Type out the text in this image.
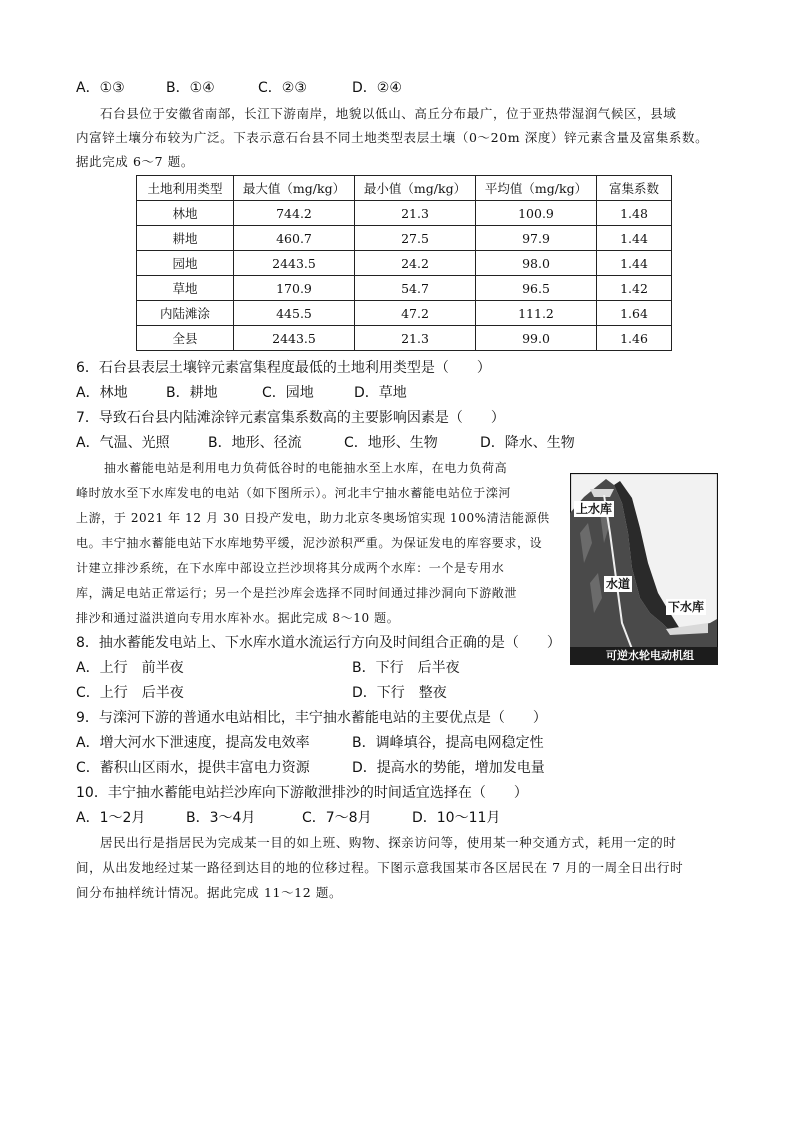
A．①③	B．①④	C．②③	D．②④
石台县位于安徽省南部，长江下游南岸，地貌以低山、高丘分布最广，位于亚热带湿润气候区，县域
内富锌土壤分布较为广泛。下表示意石台县不同土地类型表层土壤（0～20m 深度）锌元素含量及富集系数。
据此完成 6～7 题。
土地利用类型	最大值（mg/kg）	最小值（mg/kg）	平均值（mg/kg）	富集系数
林地	744.2	21.3	100.9	1.48
耕地	460.7	27.5	97.9	1.44
园地	2443.5	24.2	98.0	1.44
草地	170.9	54.7	96.5	1.42
内陆滩涂	445.5	47.2	111.2	1.64
全县	2443.5	21.3	99.0	1.46
6．石台县表层土壤锌元素富集程度最低的土地利用类型是（　　）
A．林地	B．耕地	C．园地	D．草地
7．导致石台县内陆滩涂锌元素富集系数高的主要影响因素是（　　）
A．气温、光照	B．地形、径流	C．地形、生物	D．降水、生物
抽水蓄能电站是利用电力负荷低谷时的电能抽水至上水库，在电力负荷高
峰时放水至下水库发电的电站（如下图所示）。河北丰宁抽水蓄能电站位于滦河
上游，于 2021 年 12 月 30 日投产发电，助力北京冬奥场馆实现 100%清洁能源供
电。丰宁抽水蓄能电站下水库地势平缓，泥沙淤积严重。为保证发电的库容要求，设
计建立排沙系统，在下水库中部设立拦沙坝将其分成两个水库：一个是专用水
库，满足电站正常运行；另一个是拦沙库会选择不同时间通过排沙洞向下游敞泄
排沙和通过溢洪道向专用水库补水。据此完成 8～10 题。
上水库
水道
下水库
可逆水轮电动机组
8．抽水蓄能发电站上、下水库水道水流运行方向及时间组合正确的是（　　）
A．上行　前半夜	B．下行　后半夜
C．上行　后半夜	D．下行　整夜
9．与滦河下游的普通水电站相比，丰宁抽水蓄能电站的主要优点是（　　）
A．增大河水下泄速度，提高发电效率	B．调峰填谷，提高电网稳定性
C．蓄积山区雨水，提供丰富电力资源	D．提高水的势能，增加发电量
10．丰宁抽水蓄能电站拦沙库向下游敞泄排沙的时间适宜选择在（　　）
A．1～2月	B．3～4月	C．7～8月	D．10～11月
居民出行是指居民为完成某一目的如上班、购物、探亲访问等，使用某一种交通方式，耗用一定的时
间，从出发地经过某一路径到达目的地的位移过程。下图示意我国某市各区居民在 7 月的一周全日出行时
间分布抽样统计情况。据此完成 11～12 题。
